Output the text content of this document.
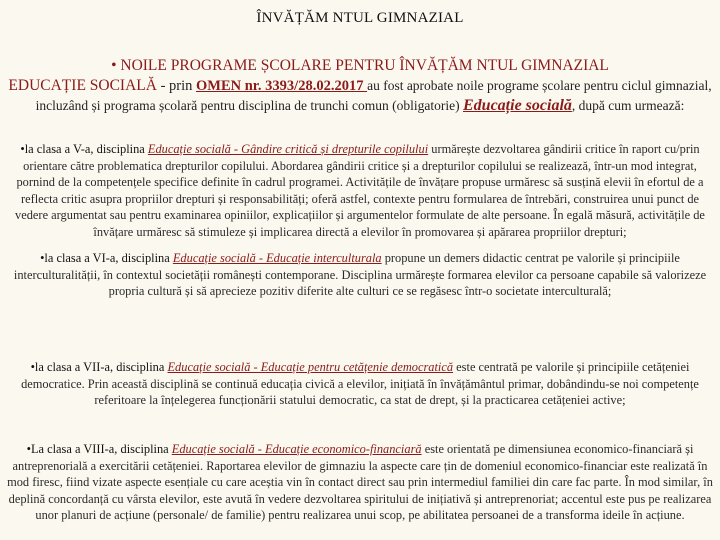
ÎNVĂȚĂM NTUL GIMNAZIAL
• NOILE PROGRAME ȘCOLARE PENTRU ÎNVĂȚĂM NTUL GIMNAZIAL
EDUCAȚIE SOCIALĂ - prin OMEN nr. 3393/28.02.2017 au fost aprobate noile programe școlare pentru ciclul gimnazial, incluzând și programa școlară pentru disciplina de trunchi comun (obligatorie) Educație socială, după cum urmează:
•la clasa a V-a, disciplina Educație socială - Gândire critică și drepturile copilului urmărește dezvoltarea gândirii critice în raport cu/prin orientare către problematica drepturilor copilului. Abordarea gândirii critice și a drepturilor copilului se realizează, într-un mod integrat, pornind de la competențele specifice definite în cadrul programei. Activitățile de învățare propuse urmăresc să susțină elevii în efortul de a reflecta critic asupra propriilor drepturi și responsabilități; oferă astfel, contexte pentru formularea de întrebări, construirea unui punct de vedere argumentat sau pentru examinarea opiniilor, explicațiilor și argumentelor formulate de alte persoane. În egală măsură, activitățile de învățare urmăresc să stimuleze și implicarea directă a elevilor în promovarea și apărarea propriilor drepturi;
•la clasa a VI-a, disciplina Educație socială - Educație interculturala propune un demers didactic centrat pe valorile și principiile interculturalității, în contextul societății românești contemporane. Disciplina urmărește formarea elevilor ca persoane capabile să valorizeze propria cultură și să aprecieze pozitiv diferite alte culturi ce se regăsesc într-o societate interculturală;
•la clasa a VII-a, disciplina Educație socială - Educație pentru cetățenie democratică este centrată pe valorile și principiile cetățeniei democratice. Prin această disciplină se continuă educația civică a elevilor, inițiată în învățământul primar, dobândindu-se noi competențe referitoare la înțelegerea funcționării statului democratic, ca stat de drept, și la practicarea cetățeniei active;
•La clasa a VIII-a, disciplina Educație socială - Educație economico-financiară este orientată pe dimensiunea economico-financiară și antreprenorială a exercitării cetățeniei. Raportarea elevilor de gimnaziu la aspecte care țin de domeniul economico-financiar este realizată în mod firesc, fiind vizate aspecte esențiale cu care aceștia vin în contact direct sau prin intermediul familiei din care fac parte. În mod similar, în deplină concordanță cu vârsta elevilor, este avută în vedere dezvoltarea spiritului de inițiativă și antreprenoriat; accentul este pus pe realizarea unor planuri de acțiune (personale/ de familie) pentru realizarea unui scop, pe abilitatea persoanei de a transforma ideile în acțiune.
